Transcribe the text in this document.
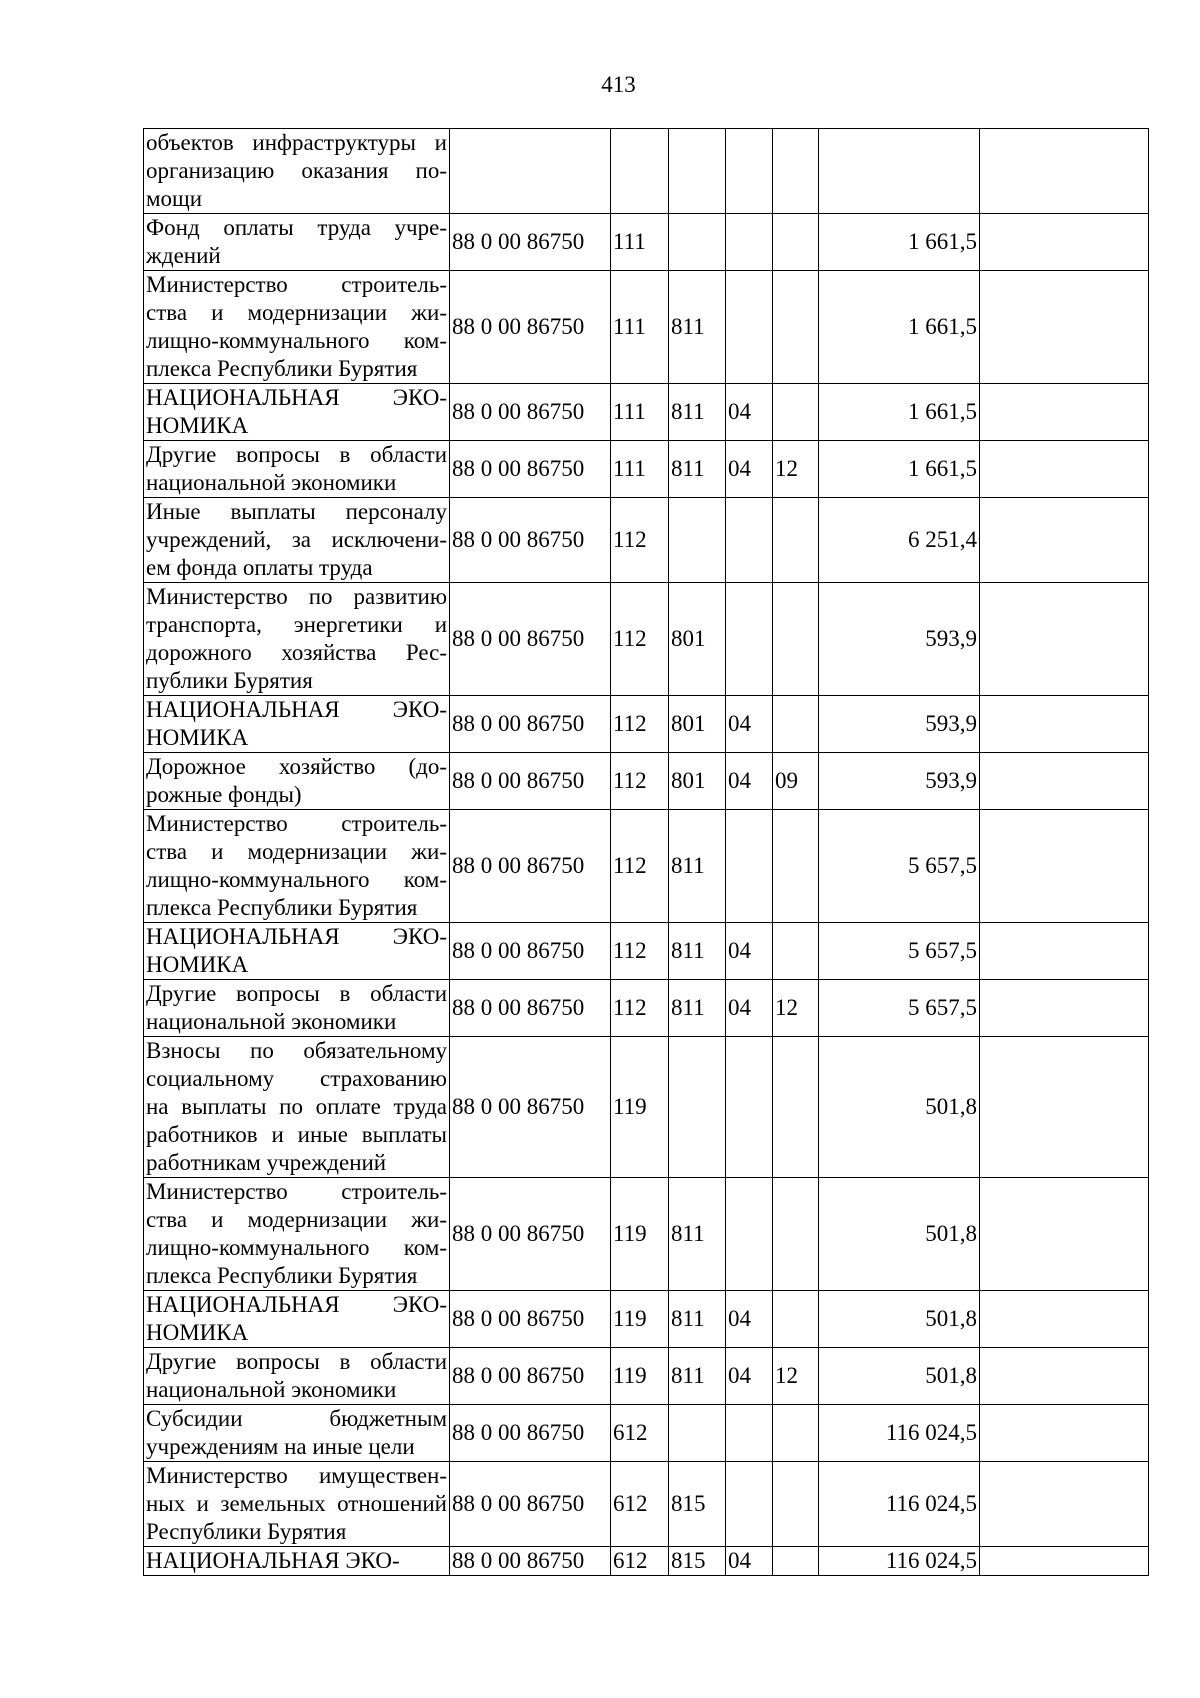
413
объектов инфраструктуры и
организацию оказания по-
мощи							

Фонд оплаты труда учре-
ждений	88 0 00 86750	111				1 661,5	

Министерство строитель-
ства и модернизации жи-
лищно-коммунального ком-
плекса Республики Бурятия	88 0 00 86750	111	811			1 661,5	

НАЦИОНАЛЬНАЯ ЭКО-
НОМИКА	88 0 00 86750	111	811	04		1 661,5	

Другие вопросы в области
национальной экономики	88 0 00 86750	111	811	04	12	1 661,5	

Иные выплаты персоналу
учреждений, за исключени-
ем фонда оплаты труда	88 0 00 86750	112				6 251,4	

Министерство по развитию
транспорта, энергетики и
дорожного хозяйства Рес-
публики Бурятия	88 0 00 86750	112	801			593,9	

НАЦИОНАЛЬНАЯ ЭКО-
НОМИКА	88 0 00 86750	112	801	04		593,9	

Дорожное хозяйство (до-
рожные фонды)	88 0 00 86750	112	801	04	09	593,9	

Министерство строитель-
ства и модернизации жи-
лищно-коммунального ком-
плекса Республики Бурятия	88 0 00 86750	112	811			5 657,5	

НАЦИОНАЛЬНАЯ ЭКО-
НОМИКА	88 0 00 86750	112	811	04		5 657,5	

Другие вопросы в области
национальной экономики	88 0 00 86750	112	811	04	12	5 657,5	

Взносы по обязательному
социальному страхованию
на выплаты по оплате труда
работников и иные выплаты
работникам учреждений	88 0 00 86750	119				501,8	

Министерство строитель-
ства и модернизации жи-
лищно-коммунального ком-
плекса Республики Бурятия	88 0 00 86750	119	811			501,8	

НАЦИОНАЛЬНАЯ ЭКО-
НОМИКА	88 0 00 86750	119	811	04		501,8	

Другие вопросы в области
национальной экономики	88 0 00 86750	119	811	04	12	501,8	

Субсидии бюджетным
учреждениям на иные цели	88 0 00 86750	612				116 024,5	

Министерство имуществен-
ных и земельных отношений
Республики Бурятия	88 0 00 86750	612	815			116 024,5	

НАЦИОНАЛЬНАЯ ЭКО-	88 0 00 86750	612	815	04		116 024,5	
